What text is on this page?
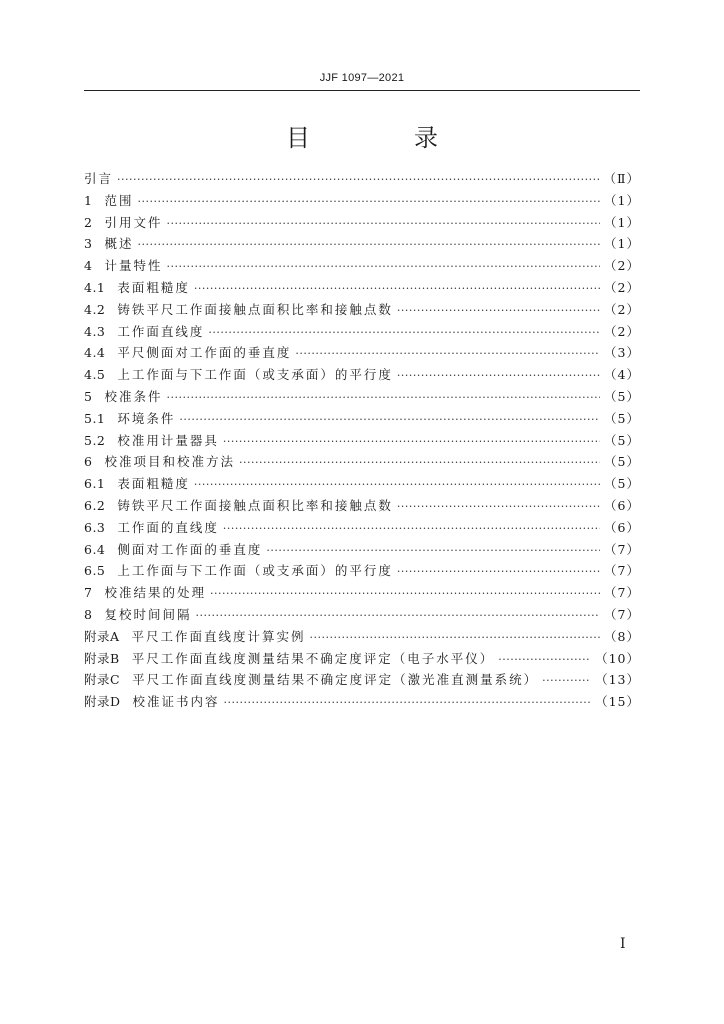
JJF 1097—2021
目　录
引言 ·····	（Ⅱ）
1 范围 ·····	（1）
2 引用文件 ·····	（1）
3 概述 ·····	（1）
4 计量特性 ·····	（2）
4.1 表面粗糙度 ·····	（2）
4.2 铸铁平尺工作面接触点面积比率和接触点数 ·····	（2）
4.3 工作面直线度 ·····	（2）
4.4 平尺侧面对工作面的垂直度 ·····	（3）
4.5 上工作面与下工作面（或支承面）的平行度 ·····	（4）
5 校准条件 ·····	（5）
5.1 环境条件 ·····	（5）
5.2 校准用计量器具 ·····	（5）
6 校准项目和校准方法 ·····	（5）
6.1 表面粗糙度 ·····	（5）
6.2 铸铁平尺工作面接触点面积比率和接触点数 ·····	（6）
6.3 工作面的直线度 ·····	（6）
6.4 侧面对工作面的垂直度 ·····	（7）
6.5 上工作面与下工作面（或支承面）的平行度 ·····	（7）
7 校准结果的处理 ·····	（7）
8 复校时间间隔 ·····	（7）
附录A 平尺工作面直线度计算实例 ·····	（8）
附录B 平尺工作面直线度测量结果不确定度评定（电子水平仪） ·····	（10）
附录C 平尺工作面直线度测量结果不确定度评定（激光准直测量系统） ·····	（13）
附录D 校准证书内容 ·····	（15）
I
